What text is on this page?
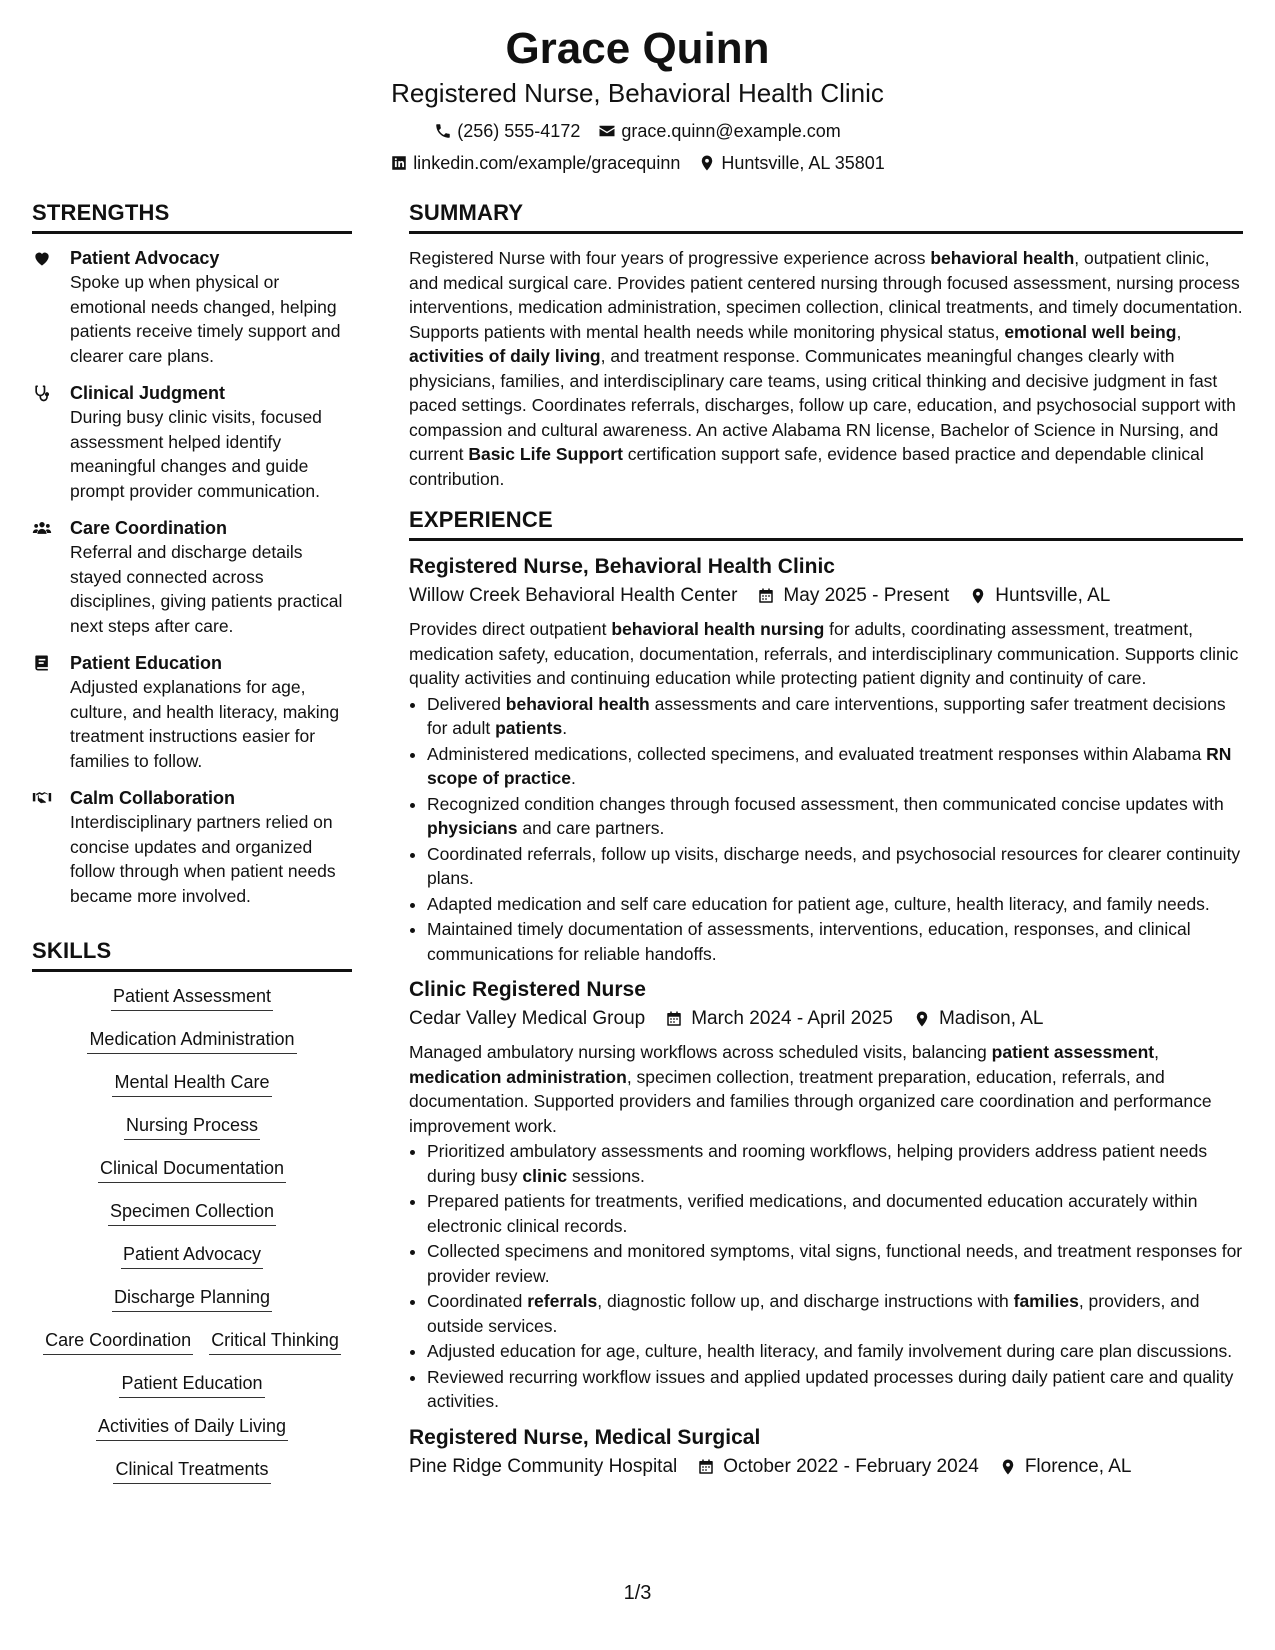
Grace Quinn
Registered Nurse, Behavioral Health Clinic
(256) 555-4172 grace.quinn@example.com
linkedin.com/example/gracequinn Huntsville, AL 35801
STRENGTHS
Patient Advocacy
Spoke up when physical or emotional needs changed, helping patients receive timely support and clearer care plans.
Clinical Judgment
During busy clinic visits, focused assessment helped identify meaningful changes and guide prompt provider communication.
Care Coordination
Referral and discharge details stayed connected across disciplines, giving patients practical next steps after care.
Patient Education
Adjusted explanations for age, culture, and health literacy, making treatment instructions easier for families to follow.
Calm Collaboration
Interdisciplinary partners relied on concise updates and organized follow through when patient needs became more involved.
SKILLS
Patient Assessment
Medication Administration
Mental Health Care
Nursing Process
Clinical Documentation
Specimen Collection
Patient Advocacy
Discharge Planning
Care Coordination Critical Thinking
Patient Education
Activities of Daily Living
Clinical Treatments
SUMMARY

Registered Nurse with four years of progressive experience across behavioral health, outpatient clinic, and medical surgical care. Provides patient centered nursing through focused assessment, nursing process interventions, medication administration, specimen collection, clinical treatments, and timely documentation. Supports patients with mental health needs while monitoring physical status, emotional well being, activities of daily living, and treatment response. Communicates meaningful changes clearly with physicians, families, and interdisciplinary care teams, using critical thinking and decisive judgment in fast paced settings. Coordinates referrals, discharges, follow up care, education, and psychosocial support with compassion and cultural awareness. An active Alabama RN license, Bachelor of Science in Nursing, and current Basic Life Support certification support safe, evidence based practice and dependable clinical contribution.

EXPERIENCE
Registered Nurse, Behavioral Health Clinic
Willow Creek Behavioral Health Center May 2025 - Present Huntsville, AL

Provides direct outpatient behavioral health nursing for adults, coordinating assessment, treatment, medication safety, education, documentation, referrals, and interdisciplinary communication. Supports clinic quality activities and continuing education while protecting patient dignity and continuity of care.

• Delivered behavioral health assessments and care interventions, supporting safer treatment decisions for adult patients.
• Administered medications, collected specimens, and evaluated treatment responses within Alabama RN scope of practice.
• Recognized condition changes through focused assessment, then communicated concise updates with physicians and care partners.
• Coordinated referrals, follow up visits, discharge needs, and psychosocial resources for clearer continuity plans.
• Adapted medication and self care education for patient age, culture, health literacy, and family needs.
• Maintained timely documentation of assessments, interventions, education, responses, and clinical communications for reliable handoffs.
Clinic Registered Nurse
Cedar Valley Medical Group March 2024 - April 2025 Madison, AL

Managed ambulatory nursing workflows across scheduled visits, balancing patient assessment, medication administration, specimen collection, treatment preparation, education, referrals, and documentation. Supported providers and families through organized care coordination and performance improvement work.

• Prioritized ambulatory assessments and rooming workflows, helping providers address patient needs during busy clinic sessions.
• Prepared patients for treatments, verified medications, and documented education accurately within electronic clinical records.
• Collected specimens and monitored symptoms, vital signs, functional needs, and treatment responses for provider review.
• Coordinated referrals, diagnostic follow up, and discharge instructions with families, providers, and outside services.
• Adjusted education for age, culture, health literacy, and family involvement during care plan discussions.
• Reviewed recurring workflow issues and applied updated processes during daily patient care and quality activities.
Registered Nurse, Medical Surgical
Pine Ridge Community Hospital October 2022 - February 2024 Florence, AL
1/3
